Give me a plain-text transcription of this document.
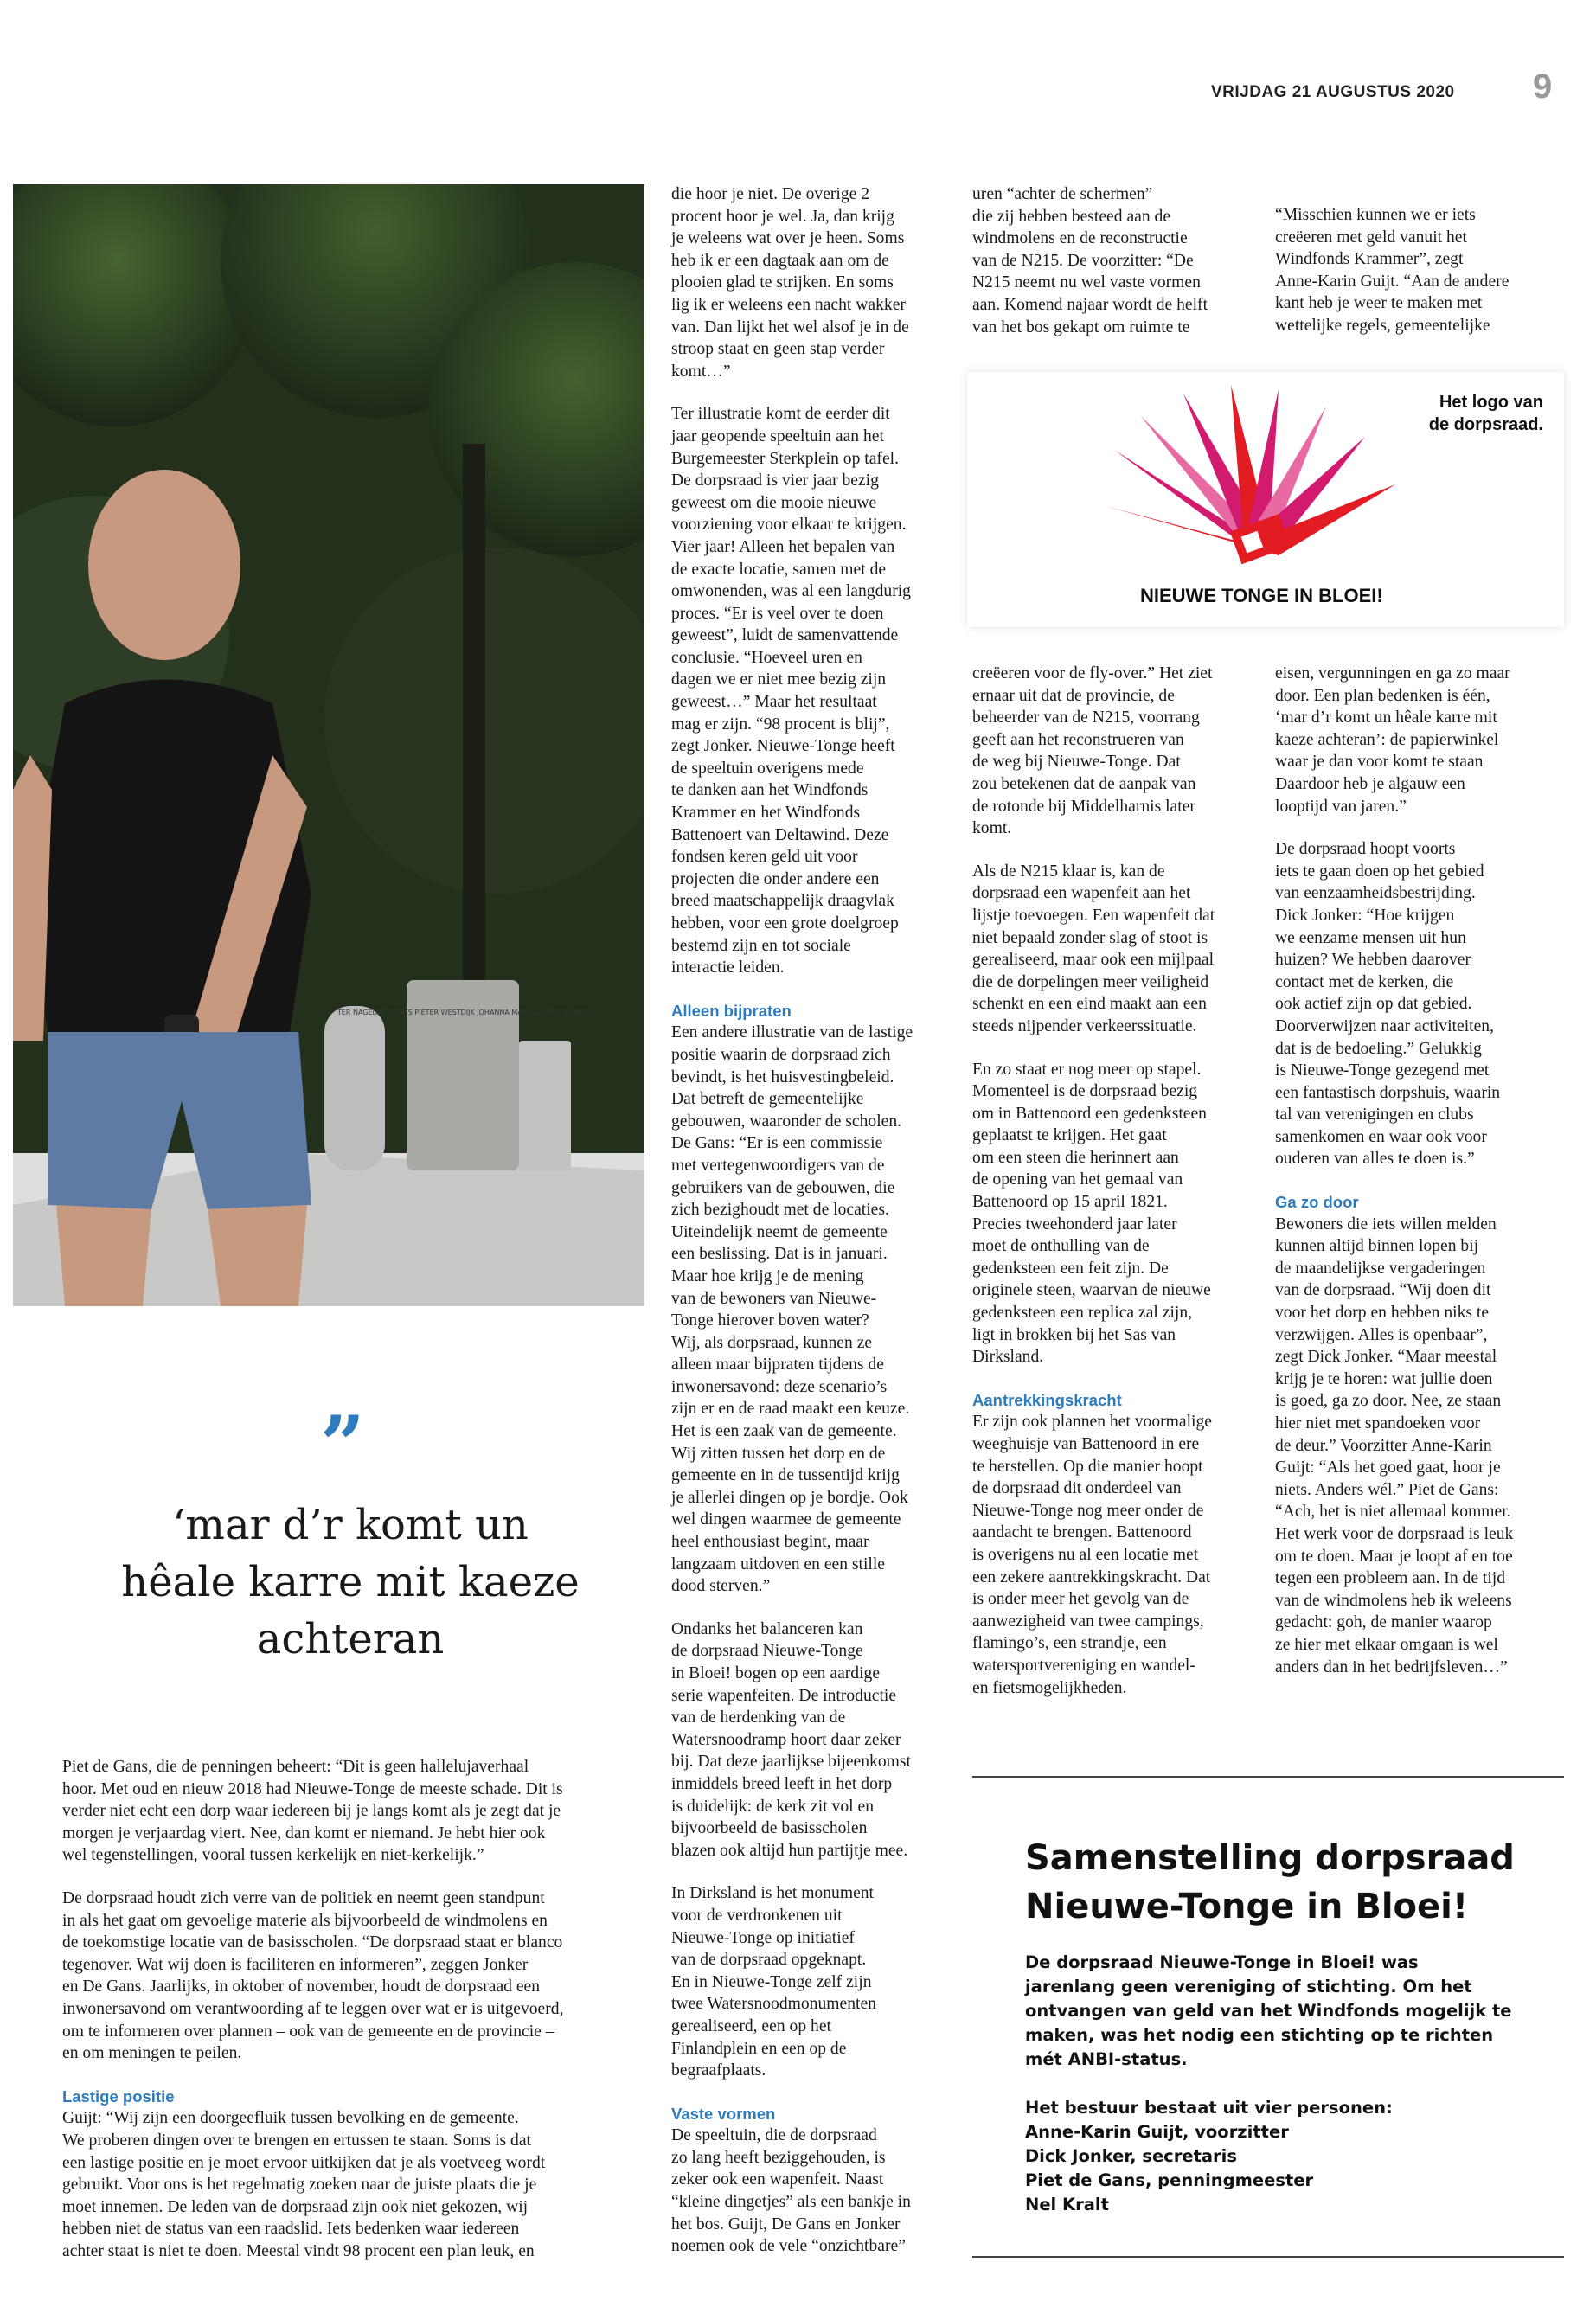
VRIJDAG 21 AUGUSTUS 2020 9
TER NAGEDACHTENIS PIETER WESTDIJK JOHANNA MARIA GOUDZWAARD
”
‘mar d’r komt un
hêale karre mit kaeze
achteran

die hoor je niet. De overige 2
procent hoor je wel. Ja, dan krijg
je weleens wat over je heen. Soms
heb ik er een dagtaak aan om de
plooien glad te strijken. En soms
lig ik er weleens een nacht wakker
van. Dan lijkt het wel alsof je in de
stroop staat en geen stap verder
komt…”

Ter illustratie komt de eerder dit
jaar geopende speeltuin aan het
Burgemeester Sterkplein op tafel.
De dorpsraad is vier jaar bezig
geweest om die mooie nieuwe
voorziening voor elkaar te krijgen.
Vier jaar! Alleen het bepalen van
de exacte locatie, samen met de
omwonenden, was al een langdurig
proces. “Er is veel over te doen
geweest”, luidt de samenvattende
conclusie. “Hoeveel uren en
dagen we er niet mee bezig zijn
geweest…” Maar het resultaat
mag er zijn. “98 procent is blij”,
zegt Jonker. Nieuwe-Tonge heeft
de speeltuin overigens mede
te danken aan het Windfonds
Krammer en het Windfonds
Battenoert van Deltawind. Deze
fondsen keren geld uit voor
projecten die onder andere een
breed maatschappelijk draagvlak
hebben, voor een grote doelgroep
bestemd zijn en tot sociale
interactie leiden.

Alleen bijpraten

Een andere illustratie van de lastige
positie waarin de dorpsraad zich
bevindt, is het huisvestingbeleid.
Dat betreft de gemeentelijke
gebouwen, waaronder de scholen.
De Gans: “Er is een commissie
met vertegenwoordigers van de
gebruikers van de gebouwen, die
zich bezighoudt met de locaties.
Uiteindelijk neemt de gemeente
een beslissing. Dat is in januari.
Maar hoe krijg je de mening
van de bewoners van Nieuwe-
Tonge hierover boven water?
Wij, als dorpsraad, kunnen ze
alleen maar bijpraten tijdens de
inwonersavond: deze scenario’s
zijn er en de raad maakt een keuze.
Het is een zaak van de gemeente.
Wij zitten tussen het dorp en de
gemeente en in de tussentijd krijg
je allerlei dingen op je bordje. Ook
wel dingen waarmee de gemeente
heel enthousiast begint, maar
langzaam uitdoven en een stille
dood sterven.”

Ondanks het balanceren kan
de dorpsraad Nieuwe-Tonge
in Bloei! bogen op een aardige
serie wapenfeiten. De introductie
van de herdenking van de
Watersnoodramp hoort daar zeker
bij. Dat deze jaarlijkse bijeenkomst
inmiddels breed leeft in het dorp
is duidelijk: de kerk zit vol en
bijvoorbeeld de basisscholen
blazen ook altijd hun partijtje mee.

In Dirksland is het monument
voor de verdronkenen uit
Nieuwe-Tonge op initiatief
van de dorpsraad opgeknapt.
En in Nieuwe-Tonge zelf zijn
twee Watersnoodmonumenten
gerealiseerd, een op het
Finlandplein en een op de
begraafplaats.

Vaste vormen

De speeltuin, die de dorpsraad
zo lang heeft beziggehouden, is
zeker ook een wapenfeit. Naast
“kleine dingetjes” als een bankje in
het bos. Guijt, De Gans en Jonker
noemen ook de vele “onzichtbare”

uren “achter de schermen”
die zij hebben besteed aan de
windmolens en de reconstructie
van de N215. De voorzitter: “De
N215 neemt nu wel vaste vormen
aan. Komend najaar wordt de helft
van het bos gekapt om ruimte te

“Misschien kunnen we er iets
creëeren met geld vanuit het
Windfonds Krammer”, zegt
Anne-Karin Guijt. “Aan de andere
kant heb je weer te maken met
wettelijke regels, gemeentelijke

Het logo van
de dorpsraad.
NIEUWE TONGE IN BLOEI!

creëeren voor de fly-over.” Het ziet
ernaar uit dat de provincie, de
beheerder van de N215, voorrang
geeft aan het reconstrueren van
de weg bij Nieuwe-Tonge. Dat
zou betekenen dat de aanpak van
de rotonde bij Middelharnis later
komt.

Als de N215 klaar is, kan de
dorpsraad een wapenfeit aan het
lijstje toevoegen. Een wapenfeit dat
niet bepaald zonder slag of stoot is
gerealiseerd, maar ook een mijlpaal
die de dorpelingen meer veiligheid
schenkt en een eind maakt aan een
steeds nijpender verkeerssituatie.

En zo staat er nog meer op stapel.
Momenteel is de dorpsraad bezig
om in Battenoord een gedenksteen
geplaatst te krijgen. Het gaat
om een steen die herinnert aan
de opening van het gemaal van
Battenoord op 15 april 1821.
Precies tweehonderd jaar later
moet de onthulling van de
gedenksteen een feit zijn. De
originele steen, waarvan de nieuwe
gedenksteen een replica zal zijn,
ligt in brokken bij het Sas van
Dirksland.

Aantrekkingskracht

Er zijn ook plannen het voormalige
weeghuisje van Battenoord in ere
te herstellen. Op die manier hoopt
de dorpsraad dit onderdeel van
Nieuwe-Tonge nog meer onder de
aandacht te brengen. Battenoord
is overigens nu al een locatie met
een zekere aantrekkingskracht. Dat
is onder meer het gevolg van de
aanwezigheid van twee campings,
flamingo’s, een strandje, een
watersportvereniging en wandel-
en fietsmogelijkheden.

eisen, vergunningen en ga zo maar
door. Een plan bedenken is één,
‘mar d’r komt un hêale karre mit
kaeze achteran’: de papierwinkel
waar je dan voor komt te staan
Daardoor heb je algauw een
looptijd van jaren.”

De dorpsraad hoopt voorts
iets te gaan doen op het gebied
van eenzaamheidsbestrijding.
Dick Jonker: “Hoe krijgen
we eenzame mensen uit hun
huizen? We hebben daarover
contact met de kerken, die
ook actief zijn op dat gebied.
Doorverwijzen naar activiteiten,
dat is de bedoeling.” Gelukkig
is Nieuwe-Tonge gezegend met
een fantastisch dorpshuis, waarin
tal van verenigingen en clubs
samenkomen en waar ook voor
ouderen van alles te doen is.”

Ga zo door

Bewoners die iets willen melden
kunnen altijd binnen lopen bij
de maandelijkse vergaderingen
van de dorpsraad. “Wij doen dit
voor het dorp en hebben niks te
verzwijgen. Alles is openbaar”,
zegt Dick Jonker. “Maar meestal
krijg je te horen: wat jullie doen
is goed, ga zo door. Nee, ze staan
hier niet met spandoeken voor
de deur.” Voorzitter Anne-Karin
Guijt: “Als het goed gaat, hoor je
niets. Anders wél.” Piet de Gans:
“Ach, het is niet allemaal kommer.
Het werk voor de dorpsraad is leuk
om te doen. Maar je loopt af en toe
tegen een probleem aan. In de tijd
van de windmolens heb ik weleens
gedacht: goh, de manier waarop
ze hier met elkaar omgaan is wel
anders dan in het bedrijfsleven…”

Piet de Gans, die de penningen beheert: “Dit is geen hallelujaverhaal
hoor. Met oud en nieuw 2018 had Nieuwe-Tonge de meeste schade. Dit is
verder niet echt een dorp waar iedereen bij je langs komt als je zegt dat je
morgen je verjaardag viert. Nee, dan komt er niemand. Je hebt hier ook
wel tegenstellingen, vooral tussen kerkelijk en niet-kerkelijk.”

De dorpsraad houdt zich verre van de politiek en neemt geen standpunt
in als het gaat om gevoelige materie als bijvoorbeeld de windmolens en
de toekomstige locatie van de basisscholen. “De dorpsraad staat er blanco
tegenover. Wat wij doen is faciliteren en informeren”, zeggen Jonker
en De Gans. Jaarlijks, in oktober of november, houdt de dorpsraad een
inwonersavond om verantwoording af te leggen over wat er is uitgevoerd,
om te informeren over plannen – ook van de gemeente en de provincie –
en om meningen te peilen.

Lastige positie

Guijt: “Wij zijn een doorgeefluik tussen bevolking en de gemeente.
We proberen dingen over te brengen en ertussen te staan. Soms is dat
een lastige positie en je moet ervoor uitkijken dat je als voetveeg wordt
gebruikt. Voor ons is het regelmatig zoeken naar de juiste plaats die je
moet innemen. De leden van de dorpsraad zijn ook niet gekozen, wij
hebben niet de status van een raadslid. Iets bedenken waar iedereen
achter staat is niet te doen. Meestal vindt 98 procent een plan leuk, en

Samenstelling dorpsraad
Nieuwe-Tonge in Bloei!

De dorpsraad Nieuwe-Tonge in Bloei! was
jarenlang geen vereniging of stichting. Om het
ontvangen van geld van het Windfonds mogelijk te
maken, was het nodig een stichting op te richten
mét ANBI-status.

Het bestuur bestaat uit vier personen:
Anne-Karin Guijt, voorzitter
Dick Jonker, secretaris
Piet de Gans, penningmeester
Nel Kralt
